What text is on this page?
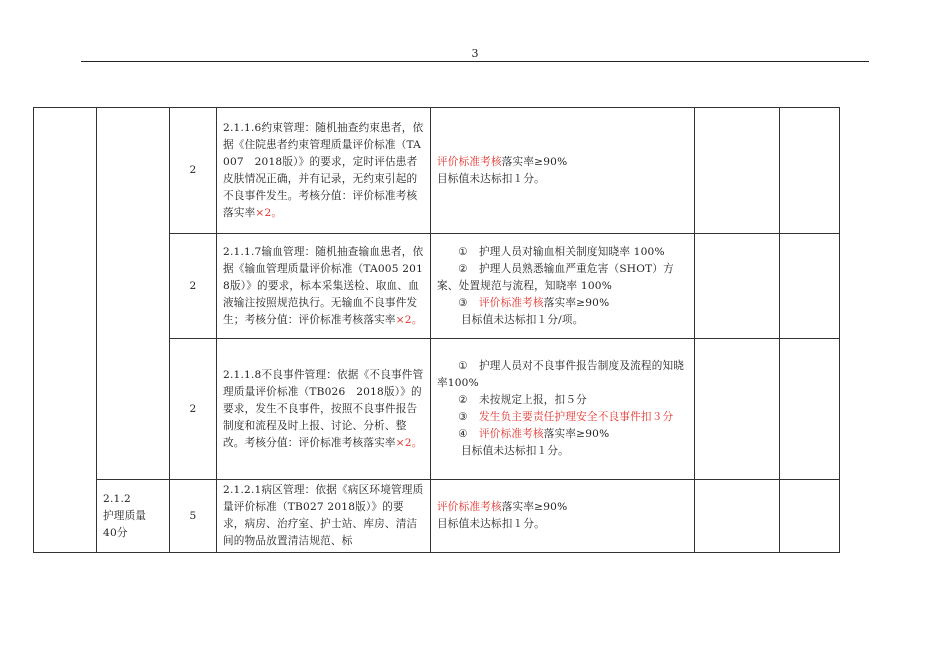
3
		2	2.1.1.6约束管理：随机抽查约束患者，依据《住院患者约束管理质量评价标准（TA007　2018版）》的要求，定时评估患者皮肤情况正确，并有记录，无约束引起的不良事件发生。考核分值：评价标准考核落实率×2。	评价标准考核落实率≥90%
目标值未达标扣１分。		
		2	2.1.1.7输血管理：随机抽查输血患者，依据《输血管理质量评价标准（TA005 2018版）》的要求，标本采集送检、取血、血液输注按照规范执行。无输血不良事件发生；考核分值：评价标准考核落实率×2。	① 护理人员对输血相关制度知晓率 100%
② 护理人员熟悉输血严重危害（SHOT）方案、处置规范与流程，知晓率 100%
③ 评价标准考核落实率≥90%
目标值未达标扣１分/项。		

		2	2.1.1.8不良事件管理：依据《不良事件管理质量评价标准（TB026　2018版）》的要求，发生不良事件，按照不良事件报告制度和流程及时上报、讨论、分析、整改。考核分值：评价标准考核落实率×2。	① 护理人员对不良事件报告制度及流程的知晓率100%
② 未按规定上报，扣５分
③ 发生负主要责任护理安全不良事件扣３分
④ 评价标准考核落实率≥90%
目标值未达标扣１分。		

	2.1.2
护理质量
40分	5	2.1.2.1病区管理：依据《病区环境管理质量评价标准（TB027 2018版）》的要求，病房、治疗室、护士站、库房、清洁间的物品放置清洁规范、标	评价标准考核落实率≥90%
目标值未达标扣１分。		
